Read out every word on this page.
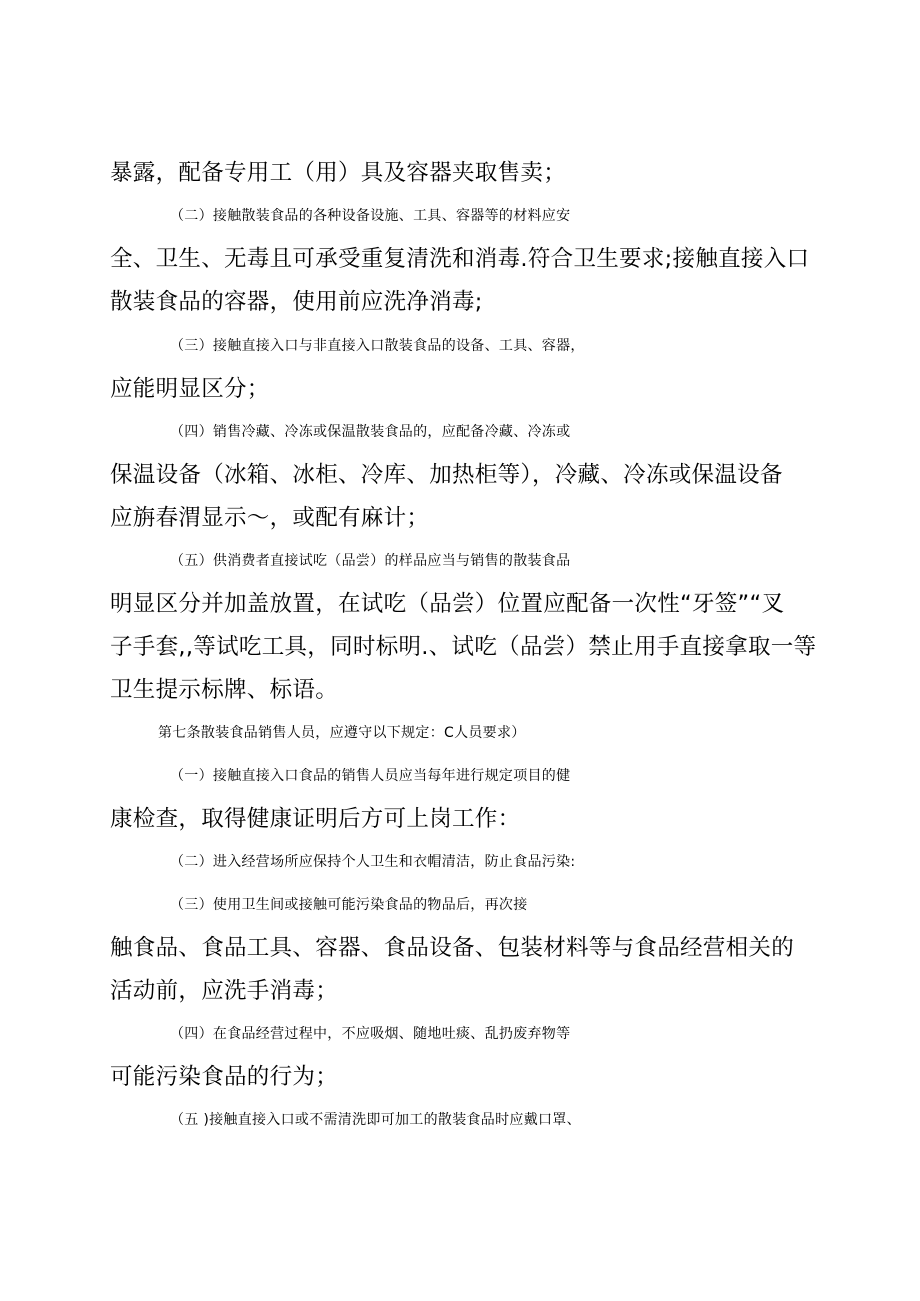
暴露，配备专用工（用）具及容器夹取售卖；
（二）接触散装食品的各种设备设施、工具、容器等的材料应安
全、卫生、无毒且可承受重复清洗和消毒.符合卫生要求;接触直接入口
散装食品的容器，使用前应洗净消毒;
（三）接触直接入口与非直接入口散装食品的设备、工具、容器，
应能明显区分；
（四）销售冷藏、冷冻或保温散装食品的，应配备冷藏、冷冻或
保温设备（冰箱、冰柜、冷库、加热柜等），冷藏、冷冻或保温设备
应旃春渭显示〜，或配有麻计；
（五）供消费者直接试吃（品尝）的样品应当与销售的散装食品
明显区分并加盖放置，在试吃（品尝）位置应配备一次性“牙签”“叉
子手套,,等试吃工具，同时标明.、试吃（品尝）禁止用手直接拿取一等
卫生提示标牌、标语。
第七条散装食品销售人员，应遵守以下规定：C人员要求）
（一）接触直接入口食品的销售人员应当每年进行规定项目的健
康检查，取得健康证明后方可上岗工作：
（二）进入经营场所应保持个人卫生和衣帽清洁，防止食品污染:
（三）使用卫生间或接触可能污染食品的物品后，再次接
触食品、食品工具、容器、食品设备、包装材料等与食品经营相关的
活动前，应洗手消毒；
（四）在食品经营过程中，不应吸烟、随地吐痰、乱扔废弃物等
可能污染食品的行为；
（五 )接触直接入口或不需清洗即可加工的散装食品时应戴口罩、
